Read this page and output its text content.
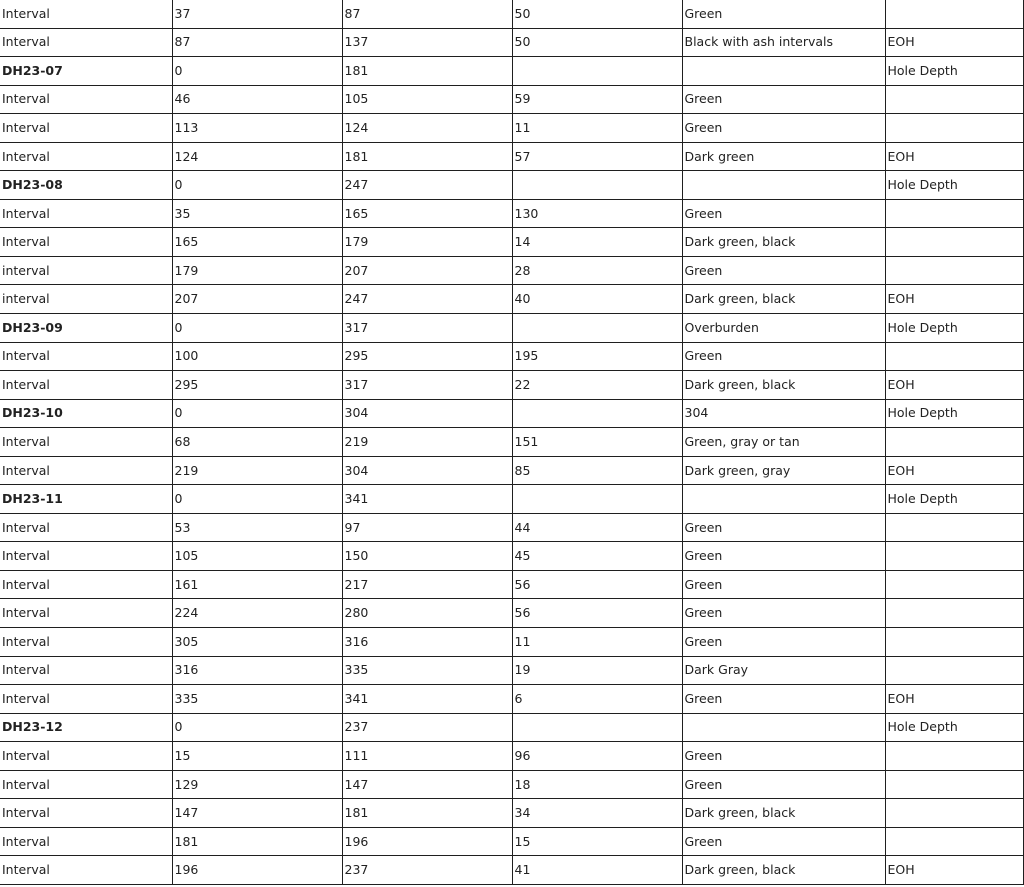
Interval	37	87	50	Green	
Interval	87	137	50	Black with ash intervals	EOH
DH23-07	0	181			Hole Depth
Interval	46	105	59	Green	
Interval	113	124	11	Green	
Interval	124	181	57	Dark green	EOH
DH23-08	0	247			Hole Depth
Interval	35	165	130	Green	
Interval	165	179	14	Dark green, black	
interval	179	207	28	Green	
interval	207	247	40	Dark green, black	EOH
DH23-09	0	317		Overburden	Hole Depth
Interval	100	295	195	Green	
Interval	295	317	22	Dark green, black	EOH
DH23-10	0	304		304	Hole Depth
Interval	68	219	151	Green, gray or tan	
Interval	219	304	85	Dark green, gray	EOH
DH23-11	0	341			Hole Depth
Interval	53	97	44	Green	
Interval	105	150	45	Green	
Interval	161	217	56	Green	
Interval	224	280	56	Green	
Interval	305	316	11	Green	
Interval	316	335	19	Dark Gray	
Interval	335	341	6	Green	EOH
DH23-12	0	237			Hole Depth
Interval	15	111	96	Green	
Interval	129	147	18	Green	
Interval	147	181	34	Dark green, black	
Interval	181	196	15	Green	
Interval	196	237	41	Dark green, black	EOH
